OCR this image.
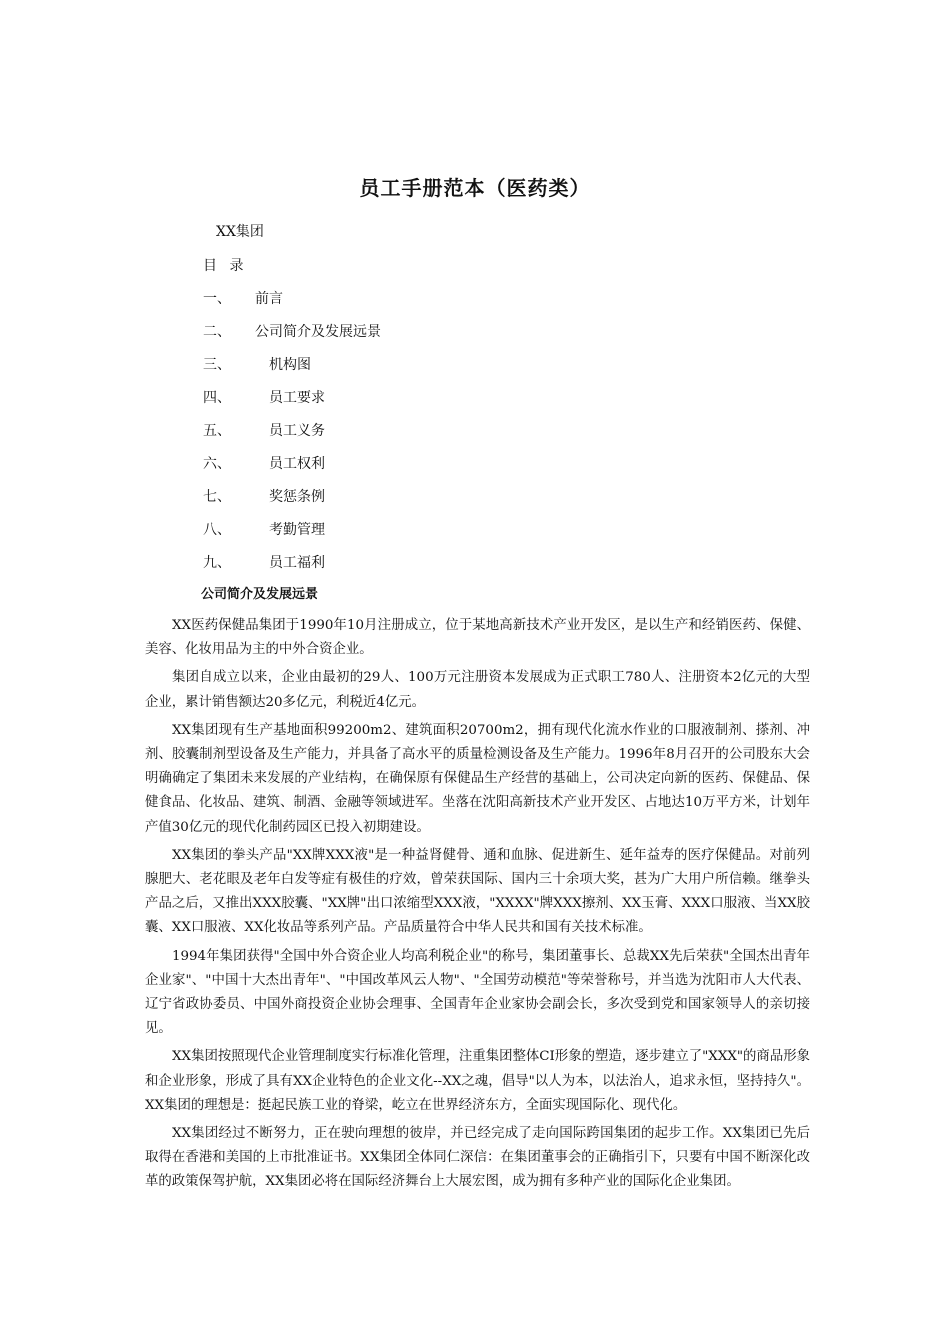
员工手册范本（医药类）
XX集团
目 录
一、 前言
二、 公司简介及发展远景
三、	机构图
四、	员工要求
五、	员工义务
六、	员工权利
七、	奖惩条例
八、	考勤管理
九、	员工福利
公司简介及发展远景

XX医药保健品集团于1990年10月注册成立，位于某地高新技术产业开发区，是以生产和经销医药、保健、美容、化妆用品为主的中外合资企业。

集团自成立以来，企业由最初的29人、100万元注册资本发展成为正式职工780人、注册资本2亿元的大型企业，累计销售额达20多亿元，利税近4亿元。

XX集团现有生产基地面积99200m2、建筑面积20700m2，拥有现代化流水作业的口服液制剂、搽剂、冲剂、胶囊制剂型设备及生产能力，并具备了高水平的质量检测设备及生产能力。1996年8月召开的公司股东大会明确确定了集团未来发展的产业结构，在确保原有保健品生产经营的基础上，公司决定向新的医药、保健品、保健食品、化妆品、建筑、制酒、金融等领域进军。坐落在沈阳高新技术产业开发区、占地达10万平方米，计划年产值30亿元的现代化制药园区已投入初期建设。

XX集团的拳头产品"XX牌XXX液"是一种益肾健骨、通和血脉、促进新生、延年益寿的医疗保健品。对前列腺肥大、老花眼及老年白发等症有极佳的疗效，曾荣获国际、国内三十余项大奖，甚为广大用户所信赖。继拳头产品之后，又推出XXX胶囊、"XX牌"出口浓缩型XXX液，"XXXX"牌XXX擦剂、XX玉膏、XXX口服液、当XX胶囊、XX口服液、XX化妆品等系列产品。产品质量符合中华人民共和国有关技术标准。

1994年集团获得"全国中外合资企业人均高利税企业"的称号，集团董事长、总裁XX先后荣获"全国杰出青年企业家"、"中国十大杰出青年"、"中国改革风云人物"、"全国劳动模范"等荣誉称号，并当选为沈阳市人大代表、辽宁省政协委员、中国外商投资企业协会理事、全国青年企业家协会副会长，多次受到党和国家领导人的亲切接见。

XX集团按照现代企业管理制度实行标准化管理，注重集团整体CI形象的塑造，逐步建立了"XXX"的商品形象和企业形象，形成了具有XX企业特色的企业文化--XX之魂，倡导"以人为本，以法治人，追求永恒，坚持持久"。 XX集团的理想是：挺起民族工业的脊梁，屹立在世界经济东方，全面实现国际化、现代化。

XX集团经过不断努力，正在驶向理想的彼岸，并已经完成了走向国际跨国集团的起步工作。XX集团已先后取得在香港和美国的上市批准证书。XX集团全体同仁深信：在集团董事会的正确指引下，只要有中国不断深化改革的政策保驾护航，XX集团必将在国际经济舞台上大展宏图，成为拥有多种产业的国际化企业集团。
